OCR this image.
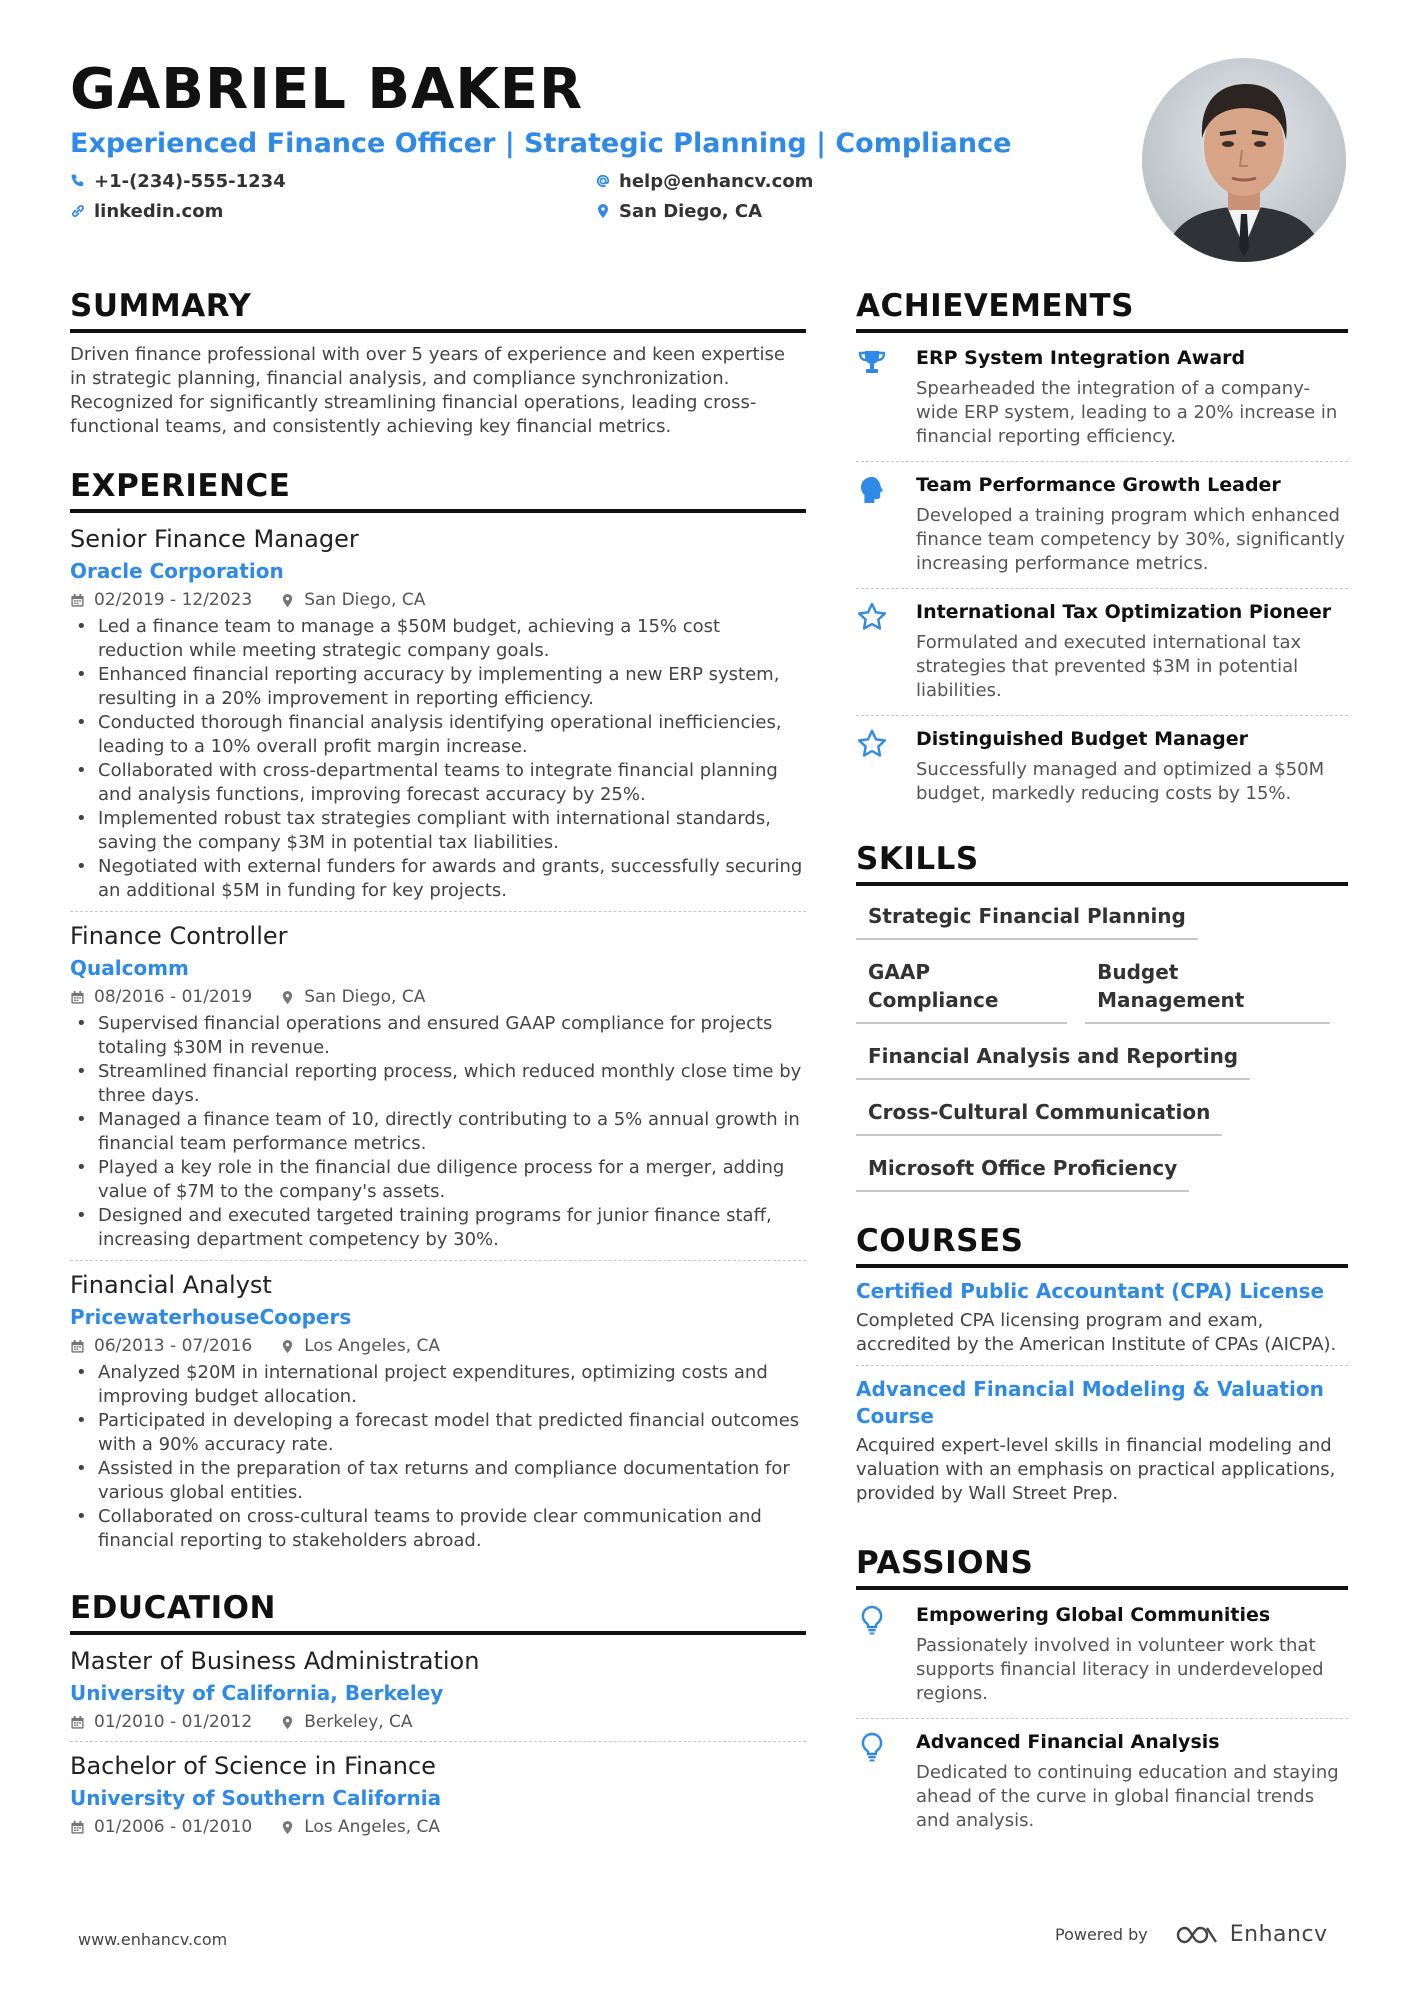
GABRIEL BAKER
Experienced Finance Officer | Strategic Planning | Compliance
+1-(234)-555-1234	help@enhancv.com
linkedin.com	San Diego, CA
SUMMARY
Driven finance professional with over 5 years of experience and keen expertise in strategic planning, financial analysis, and compliance synchronization. Recognized for significantly streamlining financial operations, leading cross-functional teams, and consistently achieving key financial metrics.
EXPERIENCE
Senior Finance Manager
Oracle Corporation
02/2019 - 12/2023	San Diego, CA
• Led a finance team to manage a $50M budget, achieving a 15% cost reduction while meeting strategic company goals.
• Enhanced financial reporting accuracy by implementing a new ERP system, resulting in a 20% improvement in reporting efficiency.
• Conducted thorough financial analysis identifying operational inefficiencies, leading to a 10% overall profit margin increase.
• Collaborated with cross-departmental teams to integrate financial planning and analysis functions, improving forecast accuracy by 25%.
• Implemented robust tax strategies compliant with international standards, saving the company $3M in potential tax liabilities.
• Negotiated with external funders for awards and grants, successfully securing an additional $5M in funding for key projects.
Finance Controller
Qualcomm
08/2016 - 01/2019	San Diego, CA
• Supervised financial operations and ensured GAAP compliance for projects totaling $30M in revenue.
• Streamlined financial reporting process, which reduced monthly close time by three days.
• Managed a finance team of 10, directly contributing to a 5% annual growth in financial team performance metrics.
• Played a key role in the financial due diligence process for a merger, adding value of $7M to the company's assets.
• Designed and executed targeted training programs for junior finance staff, increasing department competency by 30%.
Financial Analyst
PricewaterhouseCoopers
06/2013 - 07/2016	Los Angeles, CA
• Analyzed $20M in international project expenditures, optimizing costs and improving budget allocation.
• Participated in developing a forecast model that predicted financial outcomes with a 90% accuracy rate.
• Assisted in the preparation of tax returns and compliance documentation for various global entities.
• Collaborated on cross-cultural teams to provide clear communication and financial reporting to stakeholders abroad.
EDUCATION
Master of Business Administration
University of California, Berkeley
01/2010 - 01/2012	Berkeley, CA
Bachelor of Science in Finance
University of Southern California
01/2006 - 01/2010	Los Angeles, CA
ACHIEVEMENTS
ERP System Integration Award
Spearheaded the integration of a company-wide ERP system, leading to a 20% increase in financial reporting efficiency.
Team Performance Growth Leader
Developed a training program which enhanced finance team competency by 30%, significantly increasing performance metrics.
International Tax Optimization Pioneer
Formulated and executed international tax strategies that prevented $3M in potential liabilities.
Distinguished Budget Manager
Successfully managed and optimized a $50M budget, markedly reducing costs by 15%.
SKILLS
Strategic Financial Planning
GAAP Compliance
Budget Management
Financial Analysis and Reporting
Cross-Cultural Communication
Microsoft Office Proficiency
COURSES
Certified Public Accountant (CPA) License
Completed CPA licensing program and exam, accredited by the American Institute of CPAs (AICPA).
Advanced Financial Modeling & Valuation Course
Acquired expert-level skills in financial modeling and valuation with an emphasis on practical applications, provided by Wall Street Prep.
PASSIONS
Empowering Global Communities
Passionately involved in volunteer work that supports financial literacy in underdeveloped regions.
Advanced Financial Analysis
Dedicated to continuing education and staying ahead of the curve in global financial trends and analysis.
www.enhancv.com	Powered by	Enhancv
